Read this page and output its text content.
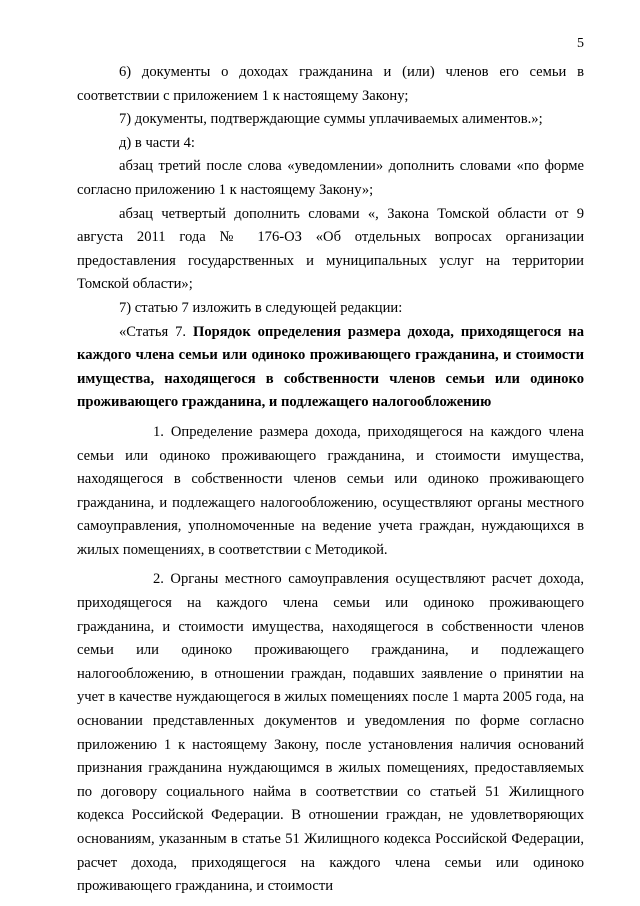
5

6) документы о доходах гражданина и (или) членов его семьи в соответствии с приложением 1 к настоящему Закону;

7) документы, подтверждающие суммы уплачиваемых алиментов.»;

д) в части 4:

абзац третий после слова «уведомлении» дополнить словами «по форме согласно приложению 1 к настоящему Закону»;

абзац четвертый дополнить словами «, Закона Томской области от 9 августа 2011 года № 176-ОЗ «Об отдельных вопросах организации предоставления государственных и муниципальных услуг на территории Томской области»;

7) статью 7 изложить в следующей редакции:

«Статья 7. Порядок определения размера дохода, приходящегося на каждого члена семьи или одиноко проживающего гражданина, и стоимости имущества, находящегося в собственности членов семьи или одиноко проживающего гражданина, и подлежащего налогообложению

1. Определение размера дохода, приходящегося на каждого члена семьи или одиноко проживающего гражданина, и стоимости имущества, находящегося в собственности членов семьи или одиноко проживающего гражданина, и подлежащего налогообложению, осуществляют органы местного самоуправления, уполномоченные на ведение учета граждан, нуждающихся в жилых помещениях, в соответствии с Методикой.

2. Органы местного самоуправления осуществляют расчет дохода, приходящегося на каждого члена семьи или одиноко проживающего гражданина, и стоимости имущества, находящегося в собственности членов семьи или одиноко проживающего гражданина, и подлежащего налогообложению, в отношении граждан, подавших заявление о принятии на учет в качестве нуждающегося в жилых помещениях после 1 марта 2005 года, на основании представленных документов и уведомления по форме согласно приложению 1 к настоящему Закону, после установления наличия оснований признания гражданина нуждающимся в жилых помещениях, предоставляемых по договору социального найма в соответствии со статьей 51 Жилищного кодекса Российской Федерации. В отношении граждан, не удовлетворяющих основаниям, указанным в статье 51 Жилищного кодекса Российской Федерации, расчет дохода, приходящегося на каждого члена семьи или одиноко проживающего гражданина, и стоимости
